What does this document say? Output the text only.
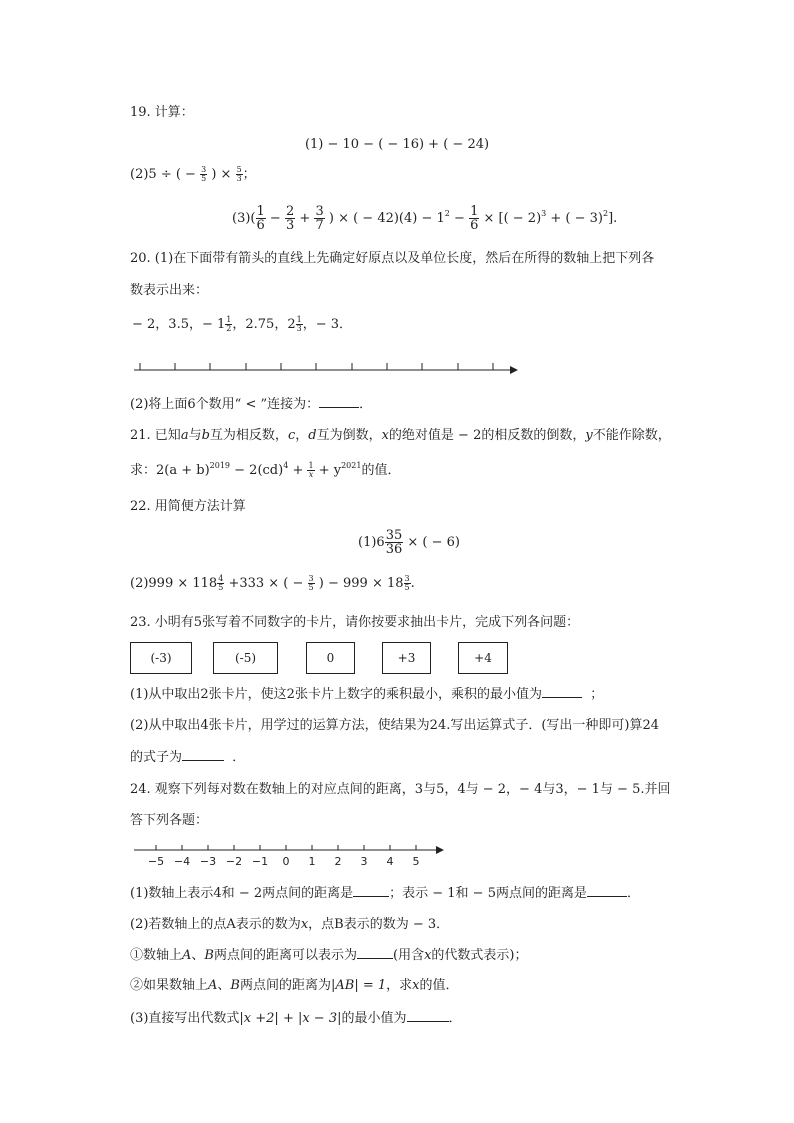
19. 计算：
(1) − 10 − ( − 16) + ( − 24)
(2)5 ÷ ( − $\frac{3}{5}$ ) × $\frac{5}{3}$ ；
$(3)( \frac{1}{6} - \frac{2}{3} + \frac{3}{7}$ ) × ( − $42)(4) - 1^2 - \frac{1}{6}$ × [( − 2)$^3$ + ( − 3)$^2$].
20. (1)在下面带有箭头的直线上先确定好原点以及单位长度，然后在所得的数轴上把下列各
数表示出来：
− 2，3.5，− $1 \frac{1}{2}$ ，2.75，$2 \frac{1}{3}$ ，− 3．
(2)将上面6个数用“ < ”连接为：	．
21. 已知a与b互为相反数，c，d互为倒数，x的绝对值是 − 2的相反数的倒数，y不能作除数，
求：$2(a + b)^{2019} - 2(cd)^4 + \frac{1}{x} + y^{2021}$的值．
22. 用简便方法计算
$(1)6 \frac{35}{36}$ × ( − 6)
$(2)999 \times 118 \frac{4}{5} +333$ × ( − $\frac{3}{5}$ ) − $999 \times 18 \frac{3}{5}$ .
23. 小明有5张写着不同数字的卡片，请你按要求抽出卡片，完成下列各问题：
(-3)	(-5)	0	+3	+4
(1)从中取出2张卡片，使这2张卡片上数字的乘积最小，乘积的最小值为	；
(2)从中取出4张卡片，用学过的运算方法，使结果为24.写出运算式子．(写出一种即可)算24
的式子为	．
24. 观察下列每对数在数轴上的对应点间的距离，3与5，4与 − 2，− 4与3，− 1与 − 5.并回
答下列各题：
−5 −4 −3 −2 −1 0 1 2 3 4 5
(1)数轴上表示4和 − 2两点间的距离是	；表示 − 1和 − 5两点间的距离是	．
(2)若数轴上的点A表示的数为x，点B表示的数为 − 3．
①数轴上A、B两点间的距离可以表示为	(用含x的代数式表示)；
②如果数轴上A、B两点间的距离为|AB| = 1，求x的值．
(3)直接写出代数式|x +2| + |x − 3|的最小值为	．
